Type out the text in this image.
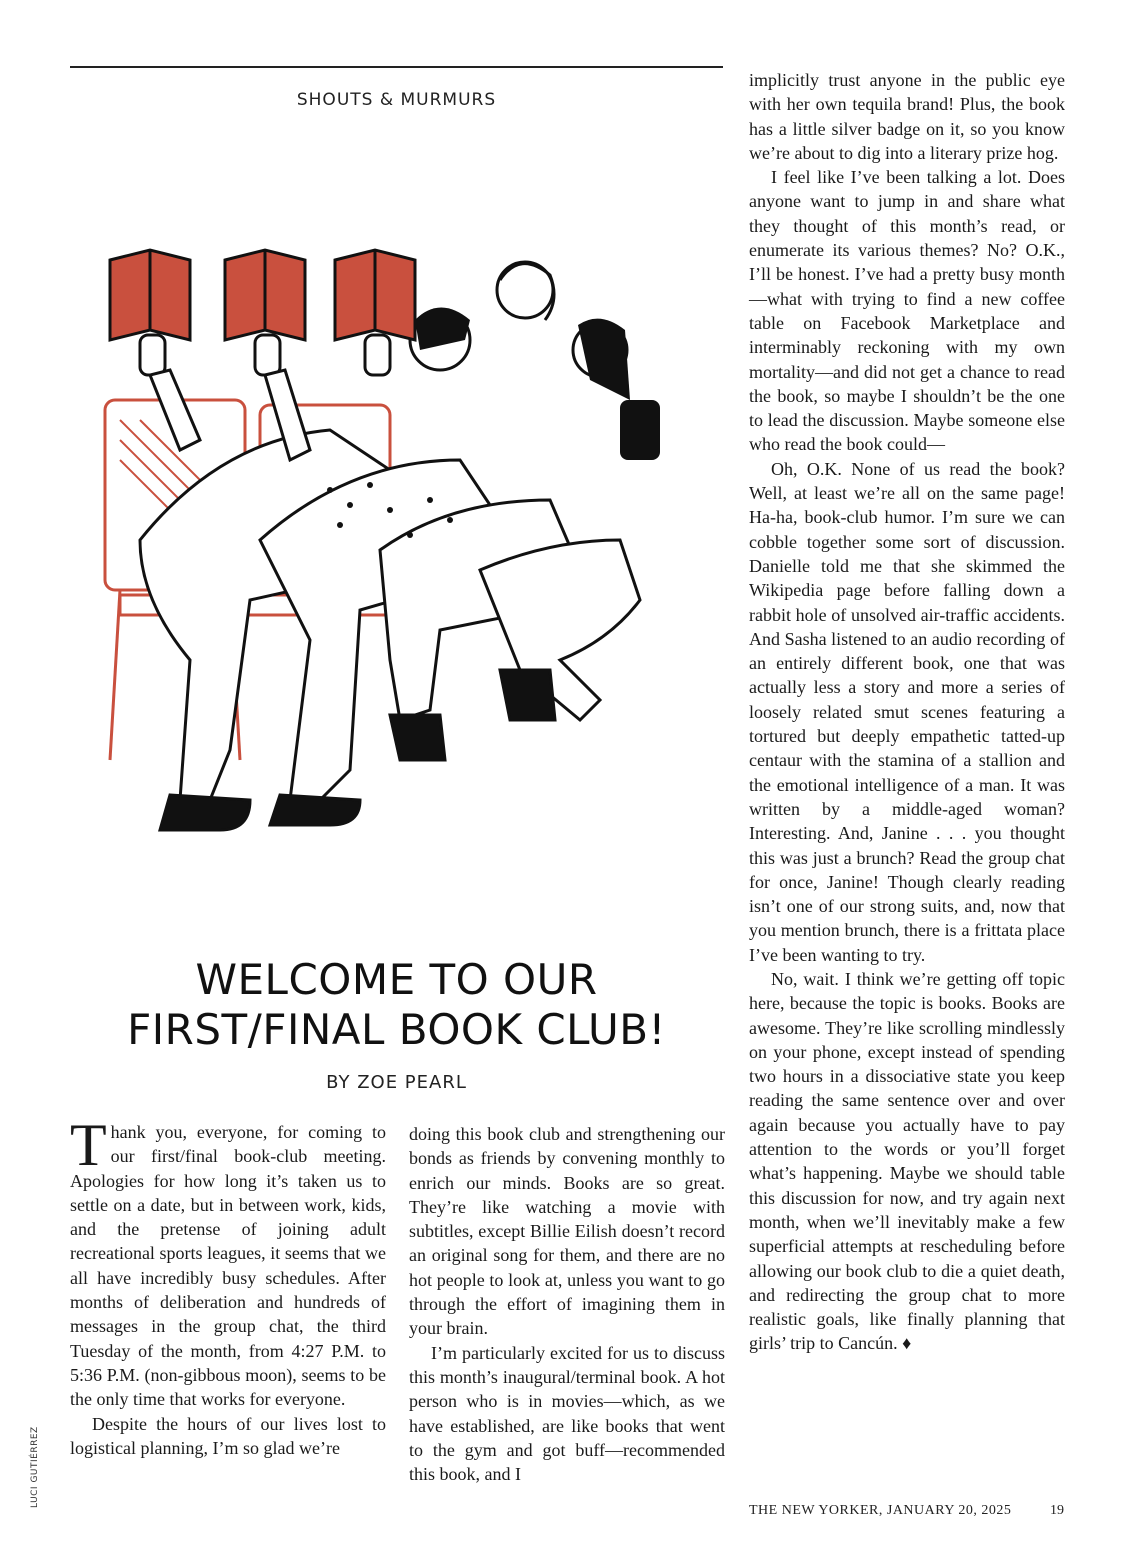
SHOUTS & MURMURS
WELCOME TO OUR
FIRST/FINAL BOOK CLUB!
BY ZOE PEARL

Thank you, everyone, for coming to our first/final book-club meeting. Apologies for how long it’s taken us to settle on a date, but in between work, kids, and the pretense of joining adult recreational sports leagues, it seems that we all have incredibly busy schedules. After months of deliberation and hundreds of messages in the group chat, the third Tuesday of the month, from 4:27 P.M. to 5:36 P.M. (non-gibbous moon), seems to be the only time that works for everyone.

Despite the hours of our lives lost to logistical planning, I’m so glad we’re

doing this book club and strengthening our bonds as friends by convening monthly to enrich our minds. Books are so great. They’re like watching a movie with subtitles, except Billie Eilish doesn’t record an original song for them, and there are no hot people to look at, unless you want to go through the effort of imagining them in your brain.

I’m particularly excited for us to discuss this month’s inaugural/terminal book. A hot person who is in movies—which, as we have established, are like books that went to the gym and got buff—recommended this book, and I

implicitly trust anyone in the public eye with her own tequila brand! Plus, the book has a little silver badge on it, so you know we’re about to dig into a literary prize hog.

I feel like I’ve been talking a lot. Does anyone want to jump in and share what they thought of this month’s read, or enumerate its various themes? No? O.K., I’ll be honest. I’ve had a pretty busy month—what with trying to find a new coffee table on Facebook Marketplace and interminably reckoning with my own mortality—and did not get a chance to read the book, so maybe I shouldn’t be the one to lead the discussion. Maybe someone else who read the book could—

Oh, O.K. None of us read the book? Well, at least we’re all on the same page! Ha-ha, book-club humor. I’m sure we can cobble together some sort of discussion. Danielle told me that she skimmed the Wikipedia page before falling down a rabbit hole of unsolved air-traffic accidents. And Sasha listened to an audio recording of an entirely different book, one that was actually less a story and more a series of loosely related smut scenes featuring a tortured but deeply empathetic tatted-up centaur with the stamina of a stallion and the emotional intelligence of a man. It was written by a middle-aged woman? Interesting. And, Janine . . . you thought this was just a brunch? Read the group chat for once, Janine! Though clearly reading isn’t one of our strong suits, and, now that you mention brunch, there is a frittata place I’ve been wanting to try.

No, wait. I think we’re getting off topic here, because the topic is books. Books are awesome. They’re like scrolling mindlessly on your phone, except instead of spending two hours in a dissociative state you keep reading the same sentence over and over again because you actually have to pay attention to the words or you’ll forget what’s happening. Maybe we should table this discussion for now, and try again next month, when we’ll inevitably make a few superficial attempts at rescheduling before allowing our book club to die a quiet death, and redirecting the group chat to more realistic goals, like finally planning that girls’ trip to Cancún. ♦

LUCI GUTIÉRREZ
THE NEW YORKER, JANUARY 20, 2025	19
